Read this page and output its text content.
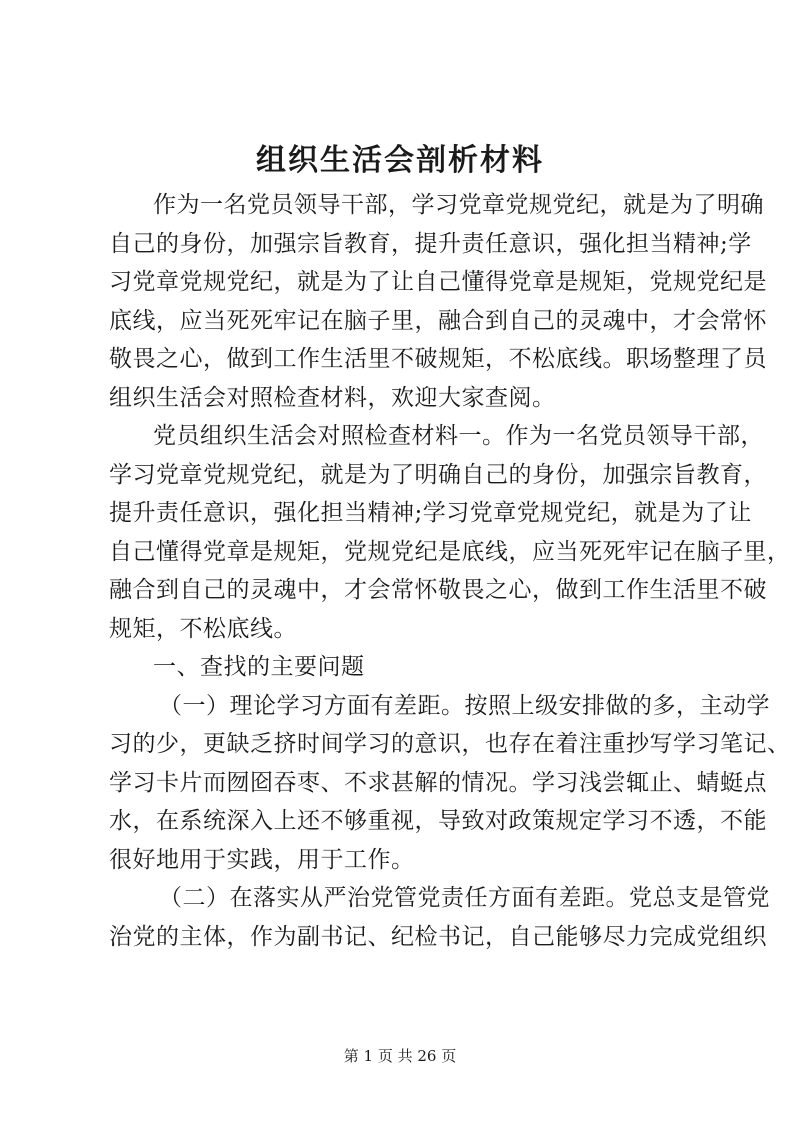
组织生活会剖析材料
作为一名党员领导干部，学习党章党规党纪，就是为了明确
自己的身份，加强宗旨教育，提升责任意识，强化担当精神;学
习党章党规党纪，就是为了让自己懂得党章是规矩，党规党纪是
底线，应当死死牢记在脑子里，融合到自己的灵魂中，才会常怀
敬畏之心，做到工作生活里不破规矩，不松底线。职场整理了员
组织生活会对照检查材料，欢迎大家查阅。
党员组织生活会对照检查材料一。作为一名党员领导干部，
学习党章党规党纪，就是为了明确自己的身份，加强宗旨教育，
提升责任意识，强化担当精神;学习党章党规党纪，就是为了让
自己懂得党章是规矩，党规党纪是底线，应当死死牢记在脑子里，
融合到自己的灵魂中，才会常怀敬畏之心，做到工作生活里不破
规矩，不松底线。
一、查找的主要问题
（一）理论学习方面有差距。按照上级安排做的多，主动学
习的少，更缺乏挤时间学习的意识，也存在着注重抄写学习笔记、
学习卡片而囫囵吞枣、不求甚解的情况。学习浅尝辄止、蜻蜓点
水，在系统深入上还不够重视，导致对政策规定学习不透，不能
很好地用于实践，用于工作。
（二）在落实从严治党管党责任方面有差距。党总支是管党
治党的主体，作为副书记、纪检书记，自己能够尽力完成党组织
第 1 页 共 26 页
